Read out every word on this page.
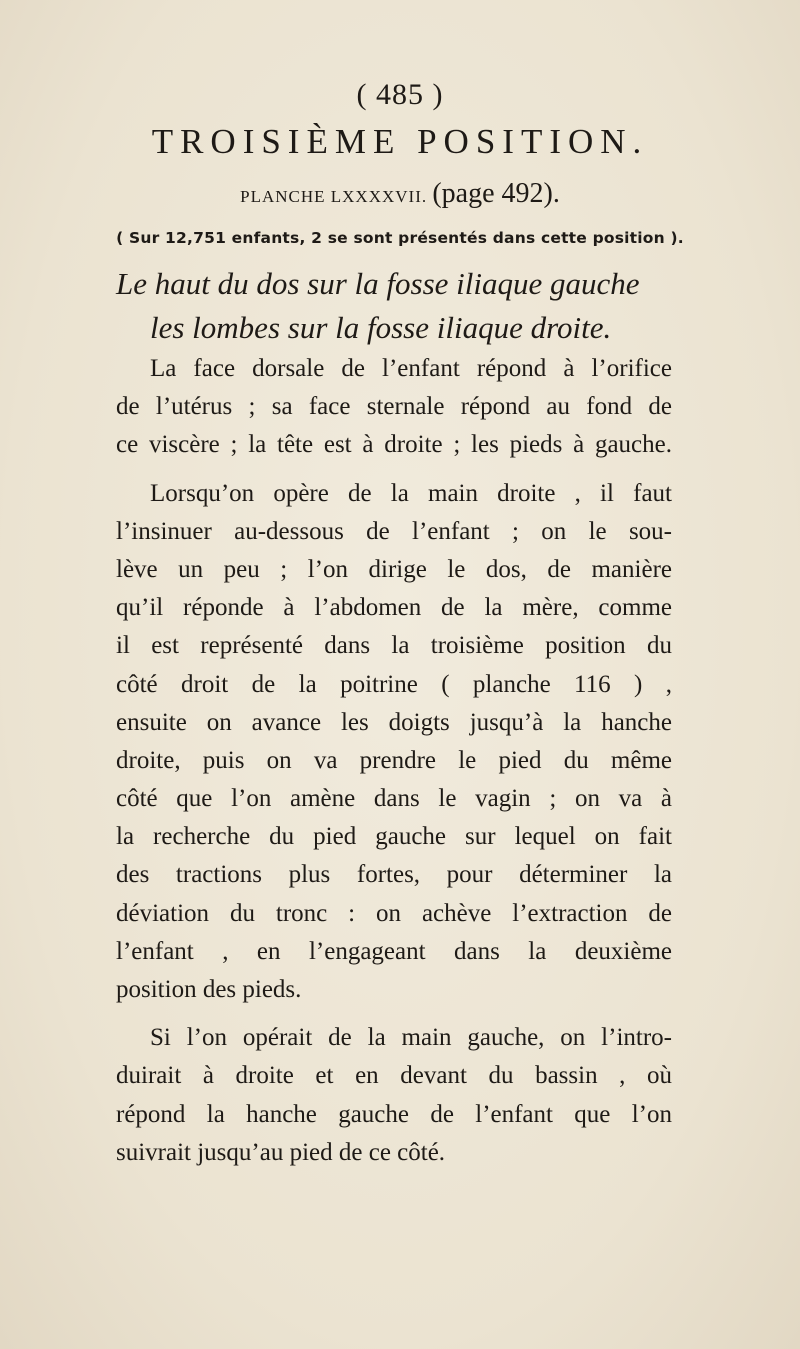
( 485 )
TROISIÈME POSITION.
PLANCHE LXXXXVII. (page 492).
( Sur 12,751 enfants, 2 se sont présentés dans cette position ).
Le haut du dos sur la fosse iliaque gauche
les lombes sur la fosse iliaque droite.
La face dorsale de l’enfant répond à l’orifice
de l’utérus ; sa face sternale répond au fond de
ce viscère ; la tête est à droite ; les pieds à gauche.
Lorsqu’on opère de la main droite , il faut
l’insinuer au-dessous de l’enfant ; on le sou-
lève un peu ; l’on dirige le dos, de manière
qu’il réponde à l’abdomen de la mère, comme
il est représenté dans la troisième position du
côté droit de la poitrine ( planche 116 ) ,
ensuite on avance les doigts jusqu’à la hanche
droite, puis on va prendre le pied du même
côté que l’on amène dans le vagin ; on va à
la recherche du pied gauche sur lequel on fait
des tractions plus fortes, pour déterminer la
déviation du tronc : on achève l’extraction de
l’enfant , en l’engageant dans la deuxième
position des pieds.
Si l’on opérait de la main gauche, on l’intro-
duirait à droite et en devant du bassin , où
répond la hanche gauche de l’enfant que l’on
suivrait jusqu’au pied de ce côté.
